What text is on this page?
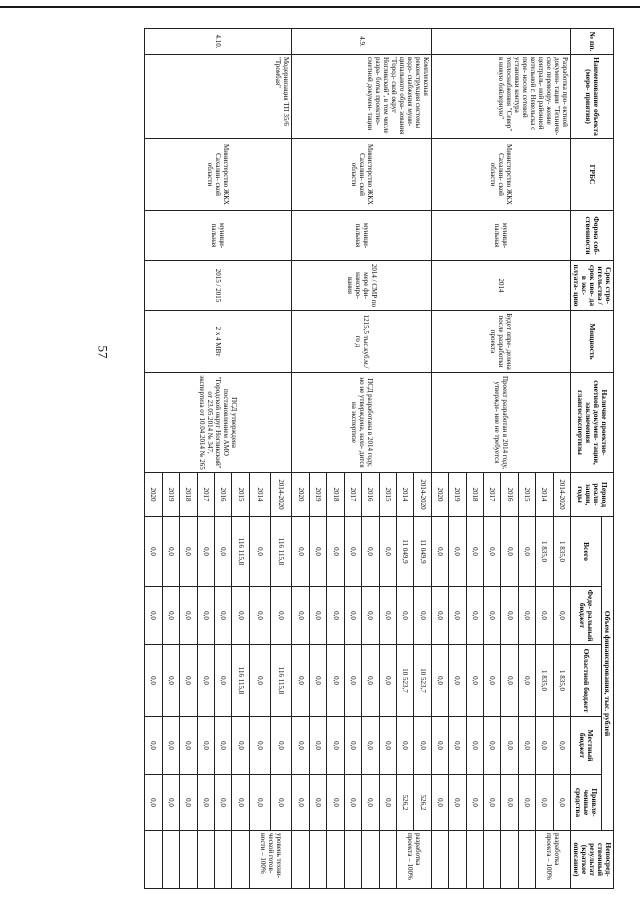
57
№ пп.	Наименование объекта (меро- приятия)	ГРБС	Форма соб- ственности	Срок стро- ительства / срок вво- да в экс- плуата- цию	Мощность	Наличие проектно- сметной докумен- тации, заключения главгосэкспертизы	Период реали- зации, годы	Объем финансирования, тыс. рублей					Непосред- ственный результат (краткое описание)
								Всего	Феде- ральный бюджет	Областной бюджет	Местный бюджет	Привле- ченные средства	
	Разработка про- ектной докумен- тации "Техниче- ское перевоору- жение централь- ной районной котельной г. Невельска с пере- носом сетевой установки контура теплоснабжения "Север" в новую бойлерную"	Министерство ЖКХ Сахалин- ской области	муници- пальная	2014	Будет опре- делена после разработки проекта	Проект разработан в 2014 году, утвержде- ние не требуется	2014-2020	1 835,0	0,0	1 835,0	0,0	0,0	разработка проекта – 100%
							2014	1 835,0	0,0	1 835,0	0,0	0,0	
							2015	0,0	0,0	0,0	0,0	0,0	
							2016	0,0	0,0	0,0	0,0	0,0	
							2017	0,0	0,0	0,0	0,0	0,0	
							2018	0,0	0,0	0,0	0,0	0,0	
							2019	0,0	0,0	0,0	0,0	0,0	
							2020	0,0	0,0	0,0	0,0	0,0	
4.9.	Комплексная реконструкция системы водо- снабжения муни- ципального обра- зования "Город- ской округ Ногликский", в том числе разра- ботка проектно- сметной докумен- тации	Министерство ЖКХ Сахалин- ской области	муници- пальная	2014 / СМР по мере фи- нансиро- вания	1215,5 тыс.куб.м./го д	ПСД разработана в 2014 году, но не утверждена, нахо- дится на экспертизе	2014-2020	11 049,9	0,0	10 523,7	0,0	526,2	разработка проекта – 100%
							2014	11 049,9	0,0	10 523,7	0,0	526,2	
							2015	0,0	0,0	0,0	0,0	0,0	
							2016	0,0	0,0	0,0	0,0	0,0	
							2017	0,0	0,0	0,0	0,0	0,0	
							2018	0,0	0,0	0,0	0,0	0,0	
							2019	0,0	0,0	0,0	0,0	0,0	
							2020	0,0	0,0	0,0	0,0	0,0	
4.10.	Модернизация ТП 35/6 "Тромбая"	Министерство ЖКХ Сахалин- ской области	муници- пальная	2015 / 2015	2 х 4 МВт	ПСД утверждена постановлением АМО "Городской округ Ногликский" от 23.05.2014 № 347, экспертиза от 10.04.2014 № 265	2014-2020	116 115,8	0,0	116 115,8	0,0	0,0	уровень техни- ческой готов- ности – 100%
							2014	0,0	0,0	0,0	0,0	0,0	
							2015	116 115,8	0,0	116 115,8	0,0	0,0	
							2016	0,0	0,0	0,0	0,0	0,0	
							2017	0,0	0,0	0,0	0,0	0,0	
							2018	0,0	0,0	0,0	0,0	0,0	
							2019	0,0	0,0	0,0	0,0	0,0	
							2020	0,0	0,0	0,0	0,0	0,0	
